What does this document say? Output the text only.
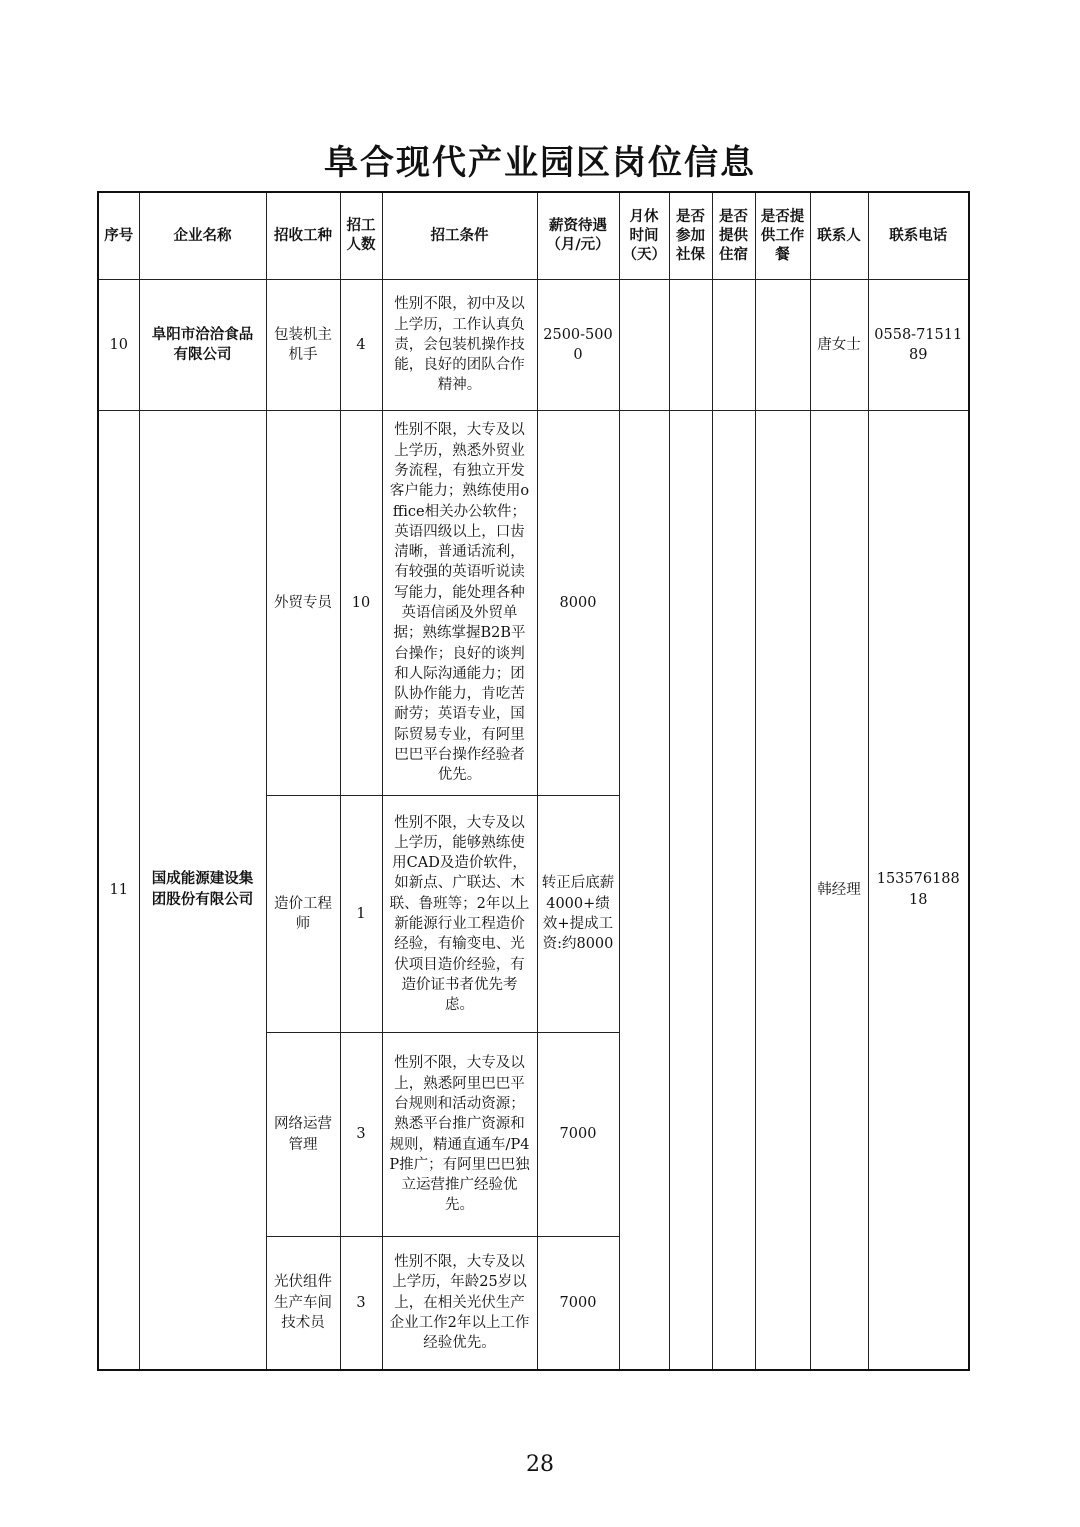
阜合现代产业园区岗位信息
序号	企业名称	招收工种	招工人数	招工条件	薪资待遇（月/元）	月休时间（天）	是否参加社保	是否提供住宿	是否提供工作餐	联系人	联系电话
10	阜阳市洽洽食品有限公司	包装机主机手	4	性别不限，初中及以上学历，工作认真负责，会包装机操作技能，良好的团队合作精神。	2500-5000					唐女士	0558-7151189
11	国成能源建设集团股份有限公司	外贸专员	10	性别不限，大专及以上学历，熟悉外贸业务流程，有独立开发客户能力；熟练使用office相关办公软件；英语四级以上，口齿清晰，普通话流利，有较强的英语听说读写能力，能处理各种英语信函及外贸单据；熟练掌握B2B平台操作；良好的谈判和人际沟通能力；团队协作能力，肯吃苦耐劳；英语专业，国际贸易专业，有阿里巴巴平台操作经验者优先。	8000					韩经理	15357618818
		造价工程师	1	性别不限，大专及以上学历，能够熟练使用CAD及造价软件，如新点、广联达、木联、鲁班等；2年以上新能源行业工程造价经验，有输变电、光伏项目造价经验，有造价证书者优先考虑。	转正后底薪4000+绩效+提成工资:约8000						
		网络运营管理	3	性别不限，大专及以上，熟悉阿里巴巴平台规则和活动资源；熟悉平台推广资源和规则，精通直通车/P4P推广；有阿里巴巴独立运营推广经验优先。	7000						
		光伏组件生产车间技术员	3	性别不限，大专及以上学历，年龄25岁以上，在相关光伏生产企业工作2年以上工作经验优先。	7000						
28
